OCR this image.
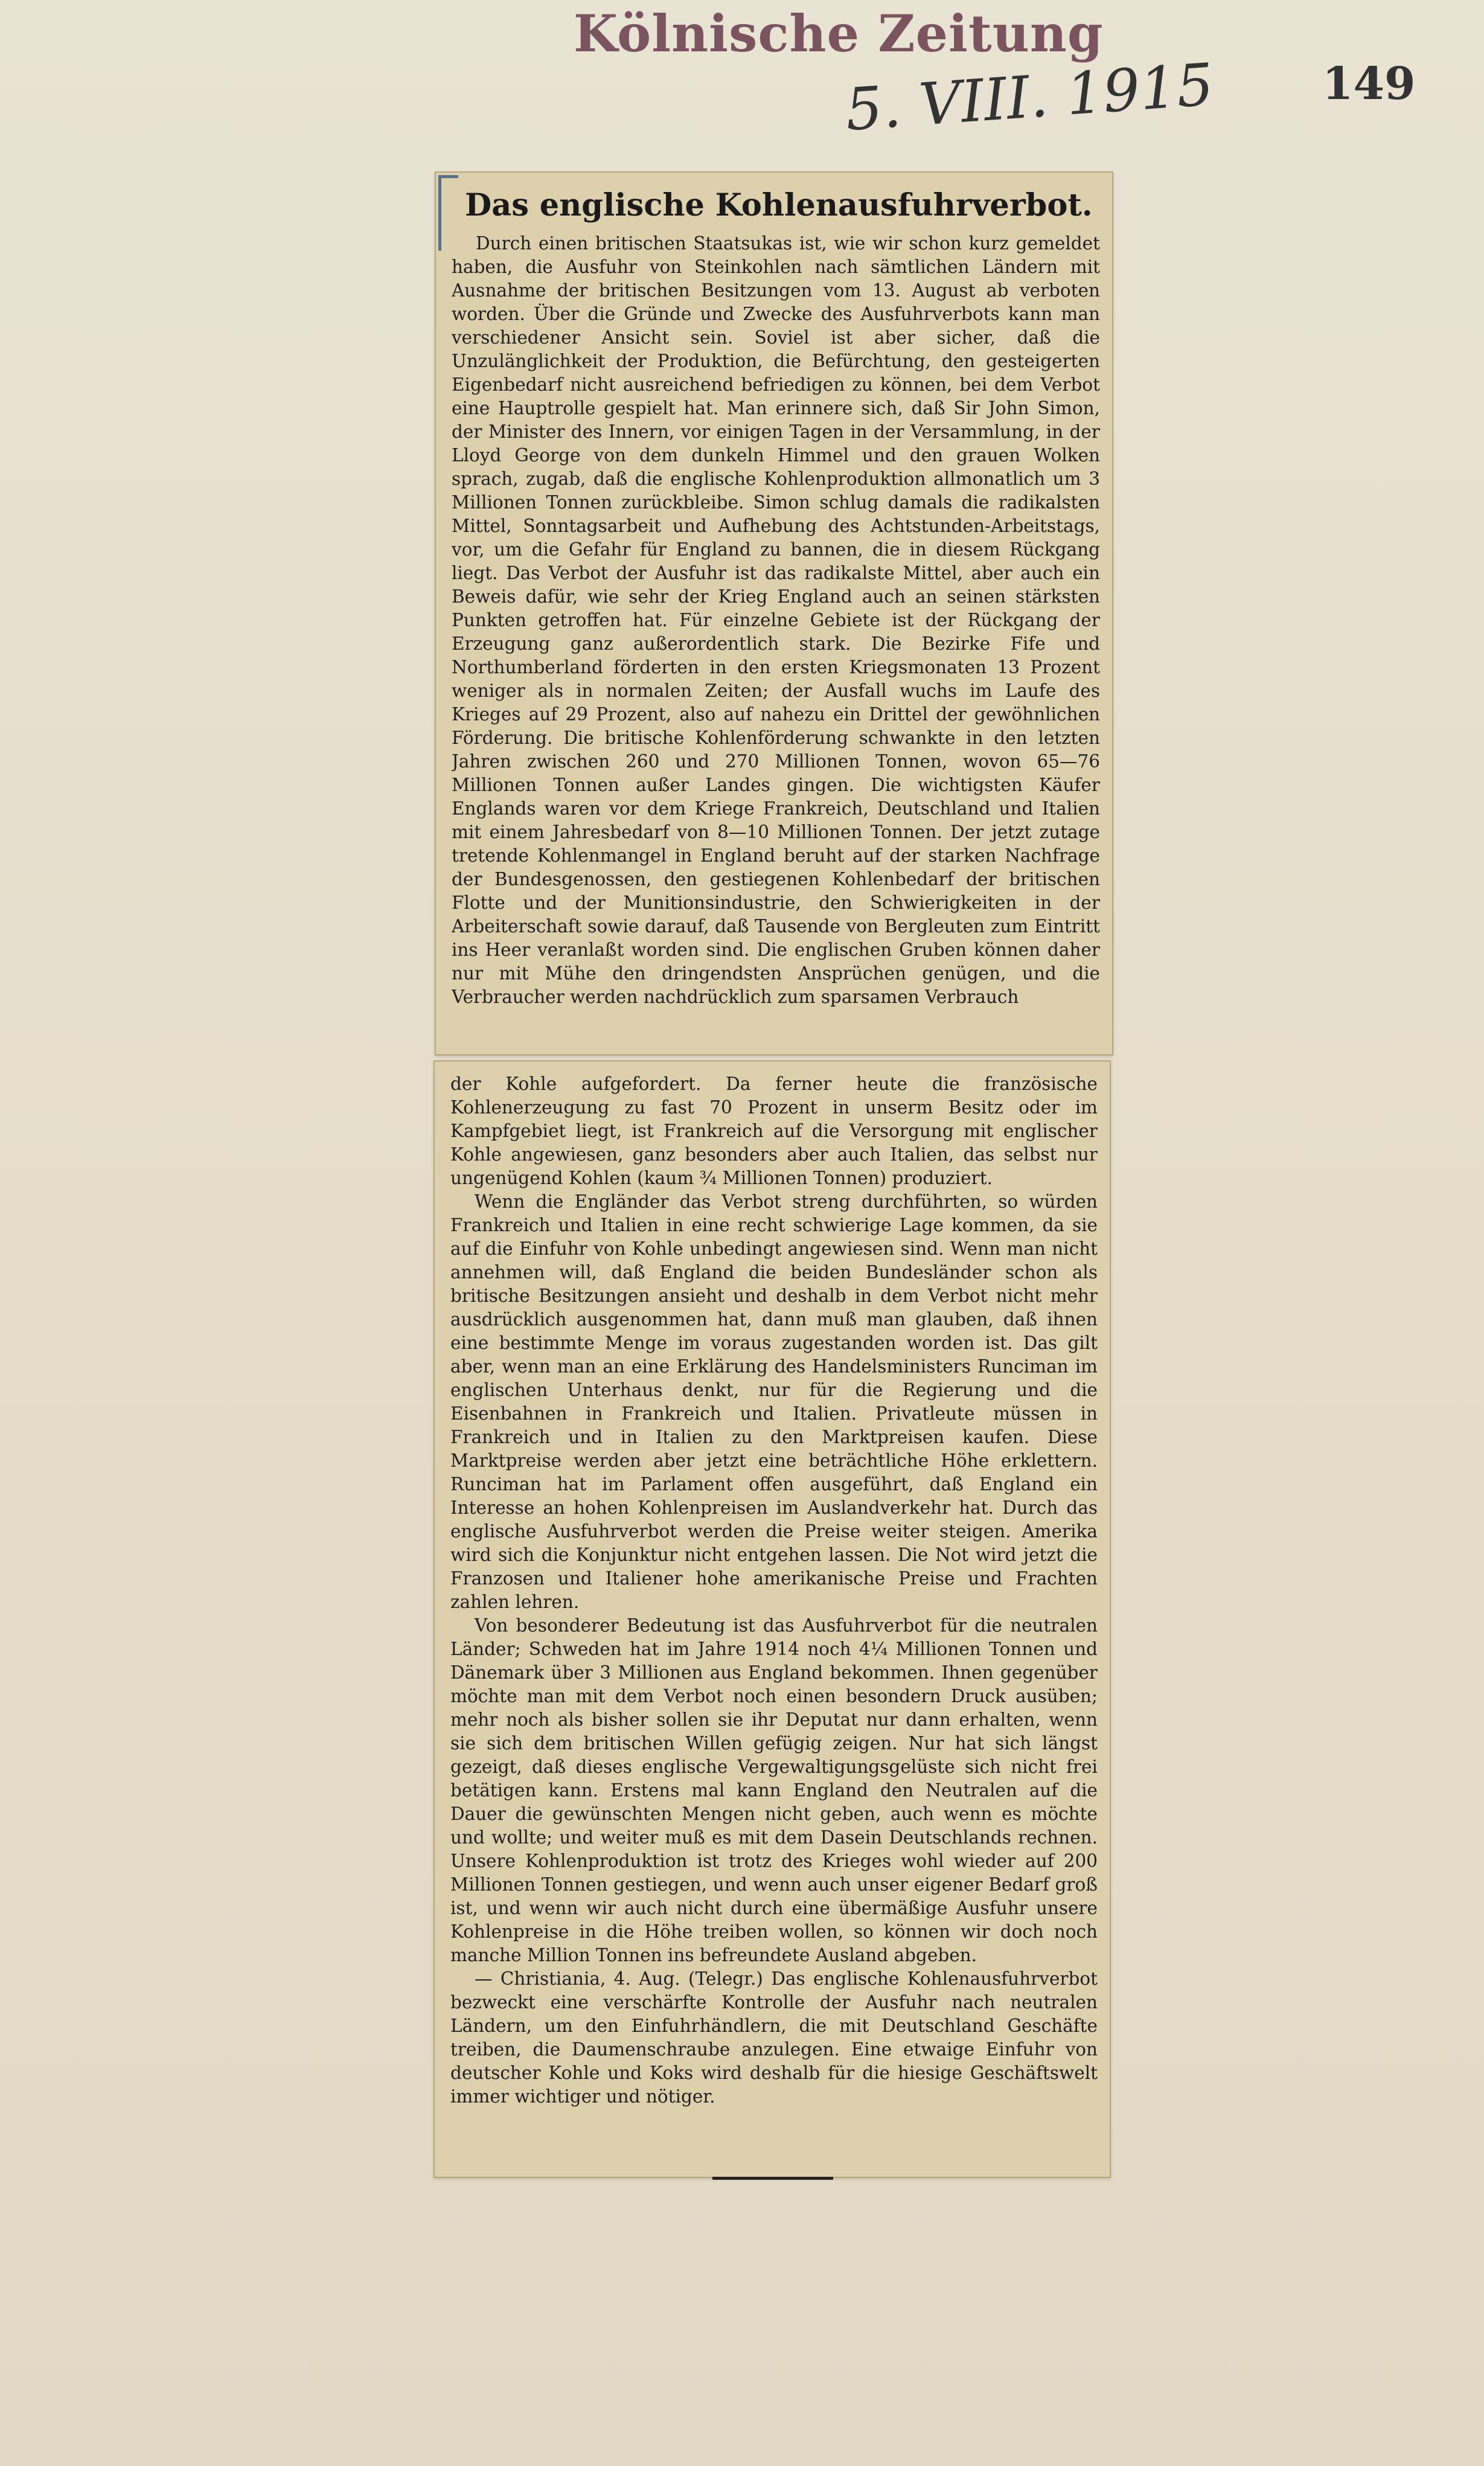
Kölnische Zeitung
5. VIII. 1915 149
Das englische Kohlenausfuhrverbot.

Durch einen britischen Staatsukas ist, wie wir schon kurz gemeldet haben, die Ausfuhr von Steinkohlen nach sämtlichen Ländern mit Ausnahme der britischen Besitzungen vom 13. August ab verboten worden. Über die Gründe und Zwecke des Ausfuhrverbots kann man verschiedener Ansicht sein. Soviel ist aber sicher, daß die Unzulänglichkeit der Produktion, die Befürchtung, den gesteigerten Eigenbedarf nicht ausreichend befriedigen zu können, bei dem Verbot eine Hauptrolle gespielt hat. Man erinnere sich, daß Sir John Simon, der Minister des Innern, vor einigen Tagen in der Versammlung, in der Lloyd George von dem dunkeln Himmel und den grauen Wolken sprach, zugab, daß die englische Kohlenproduktion allmonatlich um 3 Millionen Tonnen zurückbleibe. Simon schlug damals die radikalsten Mittel, Sonntagsarbeit und Aufhebung des Achtstunden-Arbeitstags, vor, um die Gefahr für England zu bannen, die in diesem Rückgang liegt. Das Verbot der Ausfuhr ist das radikalste Mittel, aber auch ein Beweis dafür, wie sehr der Krieg England auch an seinen stärksten Punkten getroffen hat. Für einzelne Gebiete ist der Rückgang der Erzeugung ganz außerordentlich stark. Die Bezirke Fife und Northumberland förderten in den ersten Kriegsmonaten 13 Prozent weniger als in normalen Zeiten; der Ausfall wuchs im Laufe des Krieges auf 29 Prozent, also auf nahezu ein Drittel der gewöhnlichen Förderung. Die britische Kohlenförderung schwankte in den letzten Jahren zwischen 260 und 270 Millionen Tonnen, wovon 65—76 Millionen Tonnen außer Landes gingen. Die wichtigsten Käufer Englands waren vor dem Kriege Frankreich, Deutschland und Italien mit einem Jahresbedarf von 8—10 Millionen Tonnen. Der jetzt zutage tretende Kohlenmangel in England beruht auf der starken Nachfrage der Bundesgenossen, den gestiegenen Kohlenbedarf der britischen Flotte und der Munitionsindustrie, den Schwierigkeiten in der Arbeiterschaft sowie darauf, daß Tausende von Bergleuten zum Eintritt ins Heer veranlaßt worden sind. Die englischen Gruben können daher nur mit Mühe den dringendsten Ansprüchen genügen, und die Verbraucher werden nachdrücklich zum sparsamen Verbrauch

der Kohle aufgefordert. Da ferner heute die französische Kohlenerzeugung zu fast 70 Prozent in unserm Besitz oder im Kampfgebiet liegt, ist Frankreich auf die Versorgung mit englischer Kohle angewiesen, ganz besonders aber auch Italien, das selbst nur ungenügend Kohlen (kaum ¾ Millionen Tonnen) produziert.

Wenn die Engländer das Verbot streng durchführten, so würden Frankreich und Italien in eine recht schwierige Lage kommen, da sie auf die Einfuhr von Kohle unbedingt angewiesen sind. Wenn man nicht annehmen will, daß England die beiden Bundesländer schon als britische Besitzungen ansieht und deshalb in dem Verbot nicht mehr ausdrücklich ausgenommen hat, dann muß man glauben, daß ihnen eine bestimmte Menge im voraus zugestanden worden ist. Das gilt aber, wenn man an eine Erklärung des Handelsministers Runciman im englischen Unterhaus denkt, nur für die Regierung und die Eisenbahnen in Frankreich und Italien. Privatleute müssen in Frankreich und in Italien zu den Marktpreisen kaufen. Diese Marktpreise werden aber jetzt eine beträchtliche Höhe erklettern. Runciman hat im Parlament offen ausgeführt, daß England ein Interesse an hohen Kohlenpreisen im Auslandverkehr hat. Durch das englische Ausfuhrverbot werden die Preise weiter steigen. Amerika wird sich die Konjunktur nicht entgehen lassen. Die Not wird jetzt die Franzosen und Italiener hohe amerikanische Preise und Frachten zahlen lehren.

Von besonderer Bedeutung ist das Ausfuhrverbot für die neutralen Länder; Schweden hat im Jahre 1914 noch 4¼ Millionen Tonnen und Dänemark über 3 Millionen aus England bekommen. Ihnen gegenüber möchte man mit dem Verbot noch einen besondern Druck ausüben; mehr noch als bisher sollen sie ihr Deputat nur dann erhalten, wenn sie sich dem britischen Willen gefügig zeigen. Nur hat sich längst gezeigt, daß dieses englische Vergewaltigungsgelüste sich nicht frei betätigen kann. Erstens mal kann England den Neutralen auf die Dauer die gewünschten Mengen nicht geben, auch wenn es möchte und wollte; und weiter muß es mit dem Dasein Deutschlands rechnen. Unsere Kohlenproduktion ist trotz des Krieges wohl wieder auf 200 Millionen Tonnen gestiegen, und wenn auch unser eigener Bedarf groß ist, und wenn wir auch nicht durch eine übermäßige Ausfuhr unsere Kohlenpreise in die Höhe treiben wollen, so können wir doch noch manche Million Tonnen ins befreundete Ausland abgeben.

— Christiania, 4. Aug. (Telegr.) Das englische Kohlenausfuhrverbot bezweckt eine verschärfte Kontrolle der Ausfuhr nach neutralen Ländern, um den Einfuhrhändlern, die mit Deutschland Geschäfte treiben, die Daumenschraube anzulegen. Eine etwaige Einfuhr von deutscher Kohle und Koks wird deshalb für die hiesige Geschäftswelt immer wichtiger und nötiger.
